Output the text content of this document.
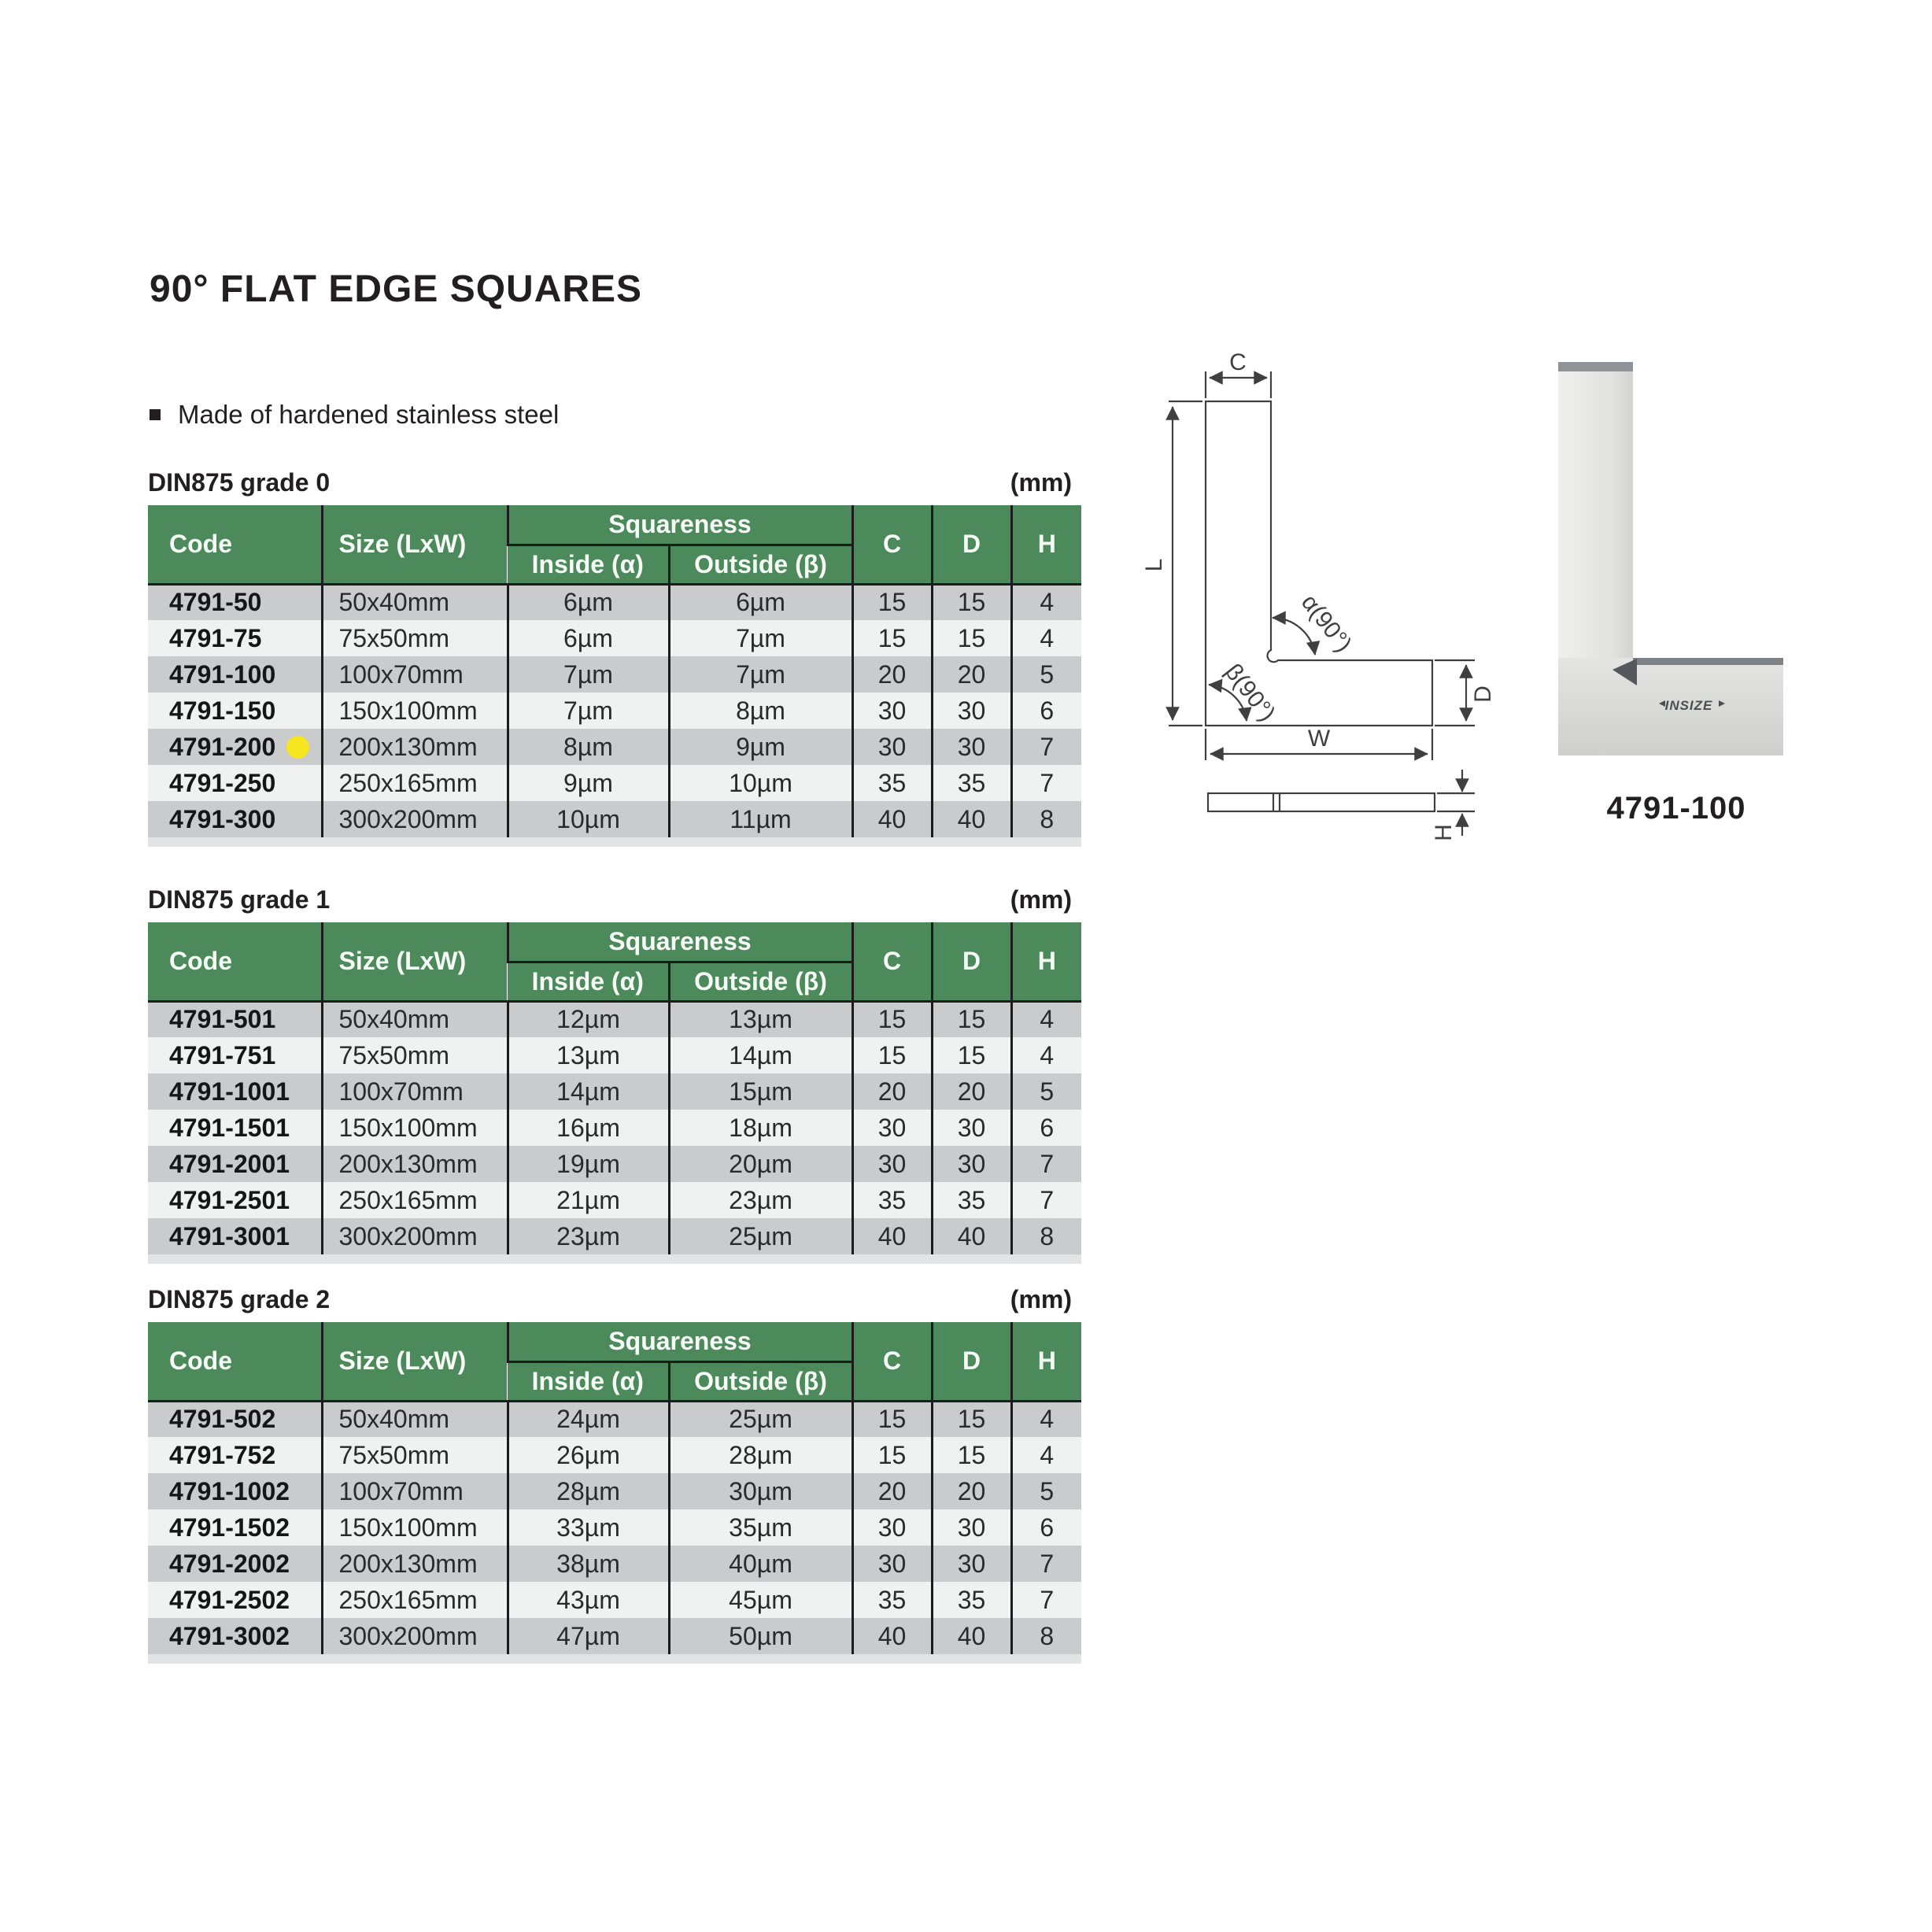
90° FLAT EDGE SQUARES
Made of hardened stainless steel
DIN875 grade 0	(mm)
Code	Size (LxW)	Squareness		C	D	H
		Inside (α)	Outside (β)			
4791-50	50x40mm	6µm	6µm	15	15	4
4791-75	75x50mm	6µm	7µm	15	15	4
4791-100	100x70mm	7µm	7µm	20	20	5
4791-150	150x100mm	7µm	8µm	30	30	6
4791-200	200x130mm	8µm	9µm	30	30	7
4791-250	250x165mm	9µm	10µm	35	35	7
4791-300	300x200mm	10µm	11µm	40	40	8
DIN875 grade 1	(mm)
Code	Size (LxW)	Squareness		C	D	H
		Inside (α)	Outside (β)			
4791-501	50x40mm	12µm	13µm	15	15	4
4791-751	75x50mm	13µm	14µm	15	15	4
4791-1001	100x70mm	14µm	15µm	20	20	5
4791-1501	150x100mm	16µm	18µm	30	30	6
4791-2001	200x130mm	19µm	20µm	30	30	7
4791-2501	250x165mm	21µm	23µm	35	35	7
4791-3001	300x200mm	23µm	25µm	40	40	8
DIN875 grade 2	(mm)
Code	Size (LxW)	Squareness		C	D	H
		Inside (α)	Outside (β)			
4791-502	50x40mm	24µm	25µm	15	15	4
4791-752	75x50mm	26µm	28µm	15	15	4
4791-1002	100x70mm	28µm	30µm	20	20	5
4791-1502	150x100mm	33µm	35µm	30	30	6
4791-2002	200x130mm	38µm	40µm	30	30	7
4791-2502	250x165mm	43µm	45µm	35	35	7
4791-3002	300x200mm	47µm	50µm	40	40	8
C
L
α(90°)
β(90°)	D
W
H
INSIZE
4791-100
